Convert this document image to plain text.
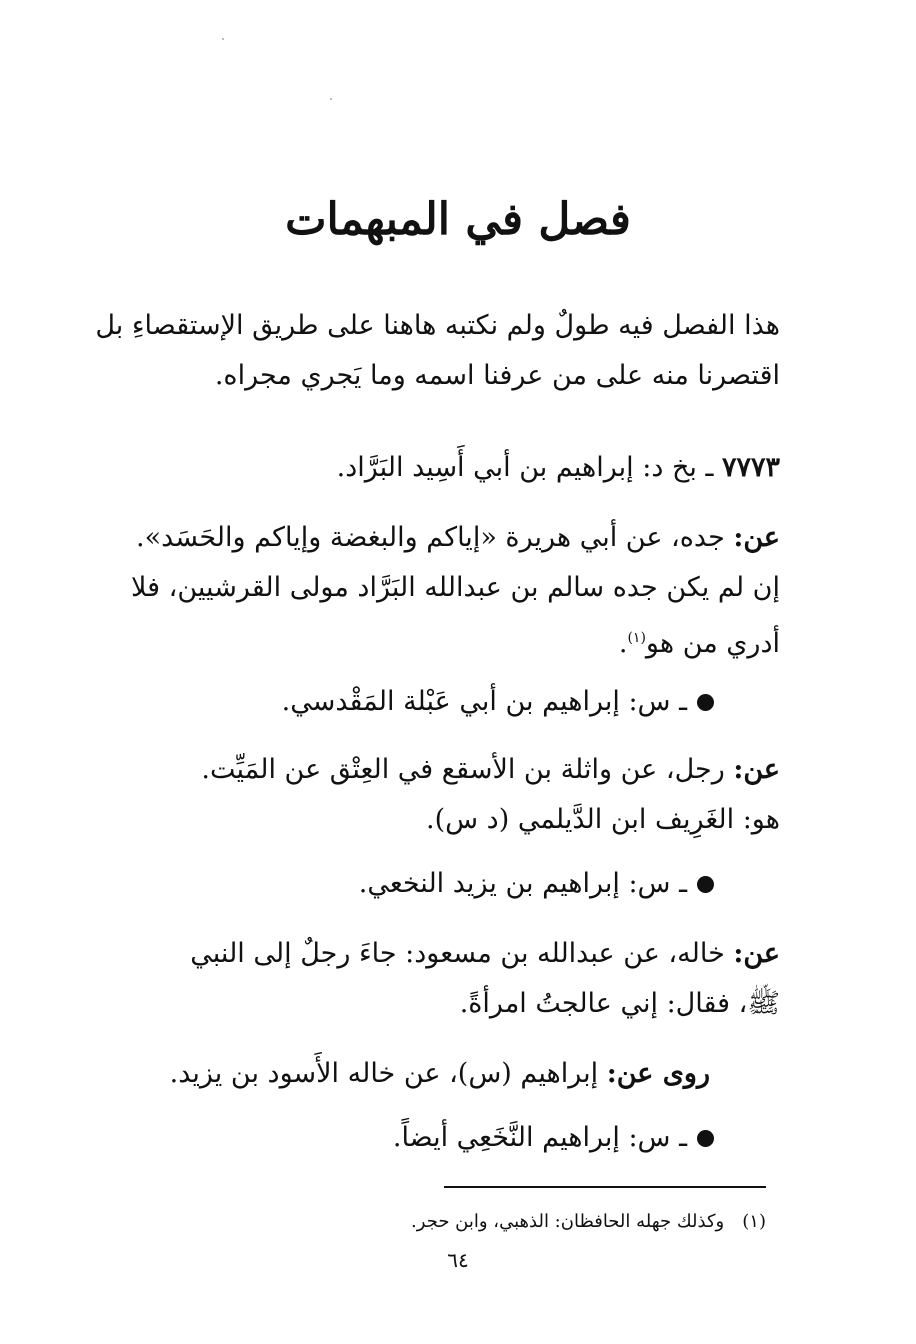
فصل في المبهمات
هذا الفصل فيه طولٌ ولم نكتبه هاهنا على طريق الإستقصاءِ بل
اقتصرنا منه على من عرفنا اسمه وما يَجري مجراه.
٧٧٧٣ ـ بخ د: إبراهيم بن أبي أَسِيد البَرَّاد.
عن: جده، عن أبي هريرة «إياكم والبغضة وإياكم والحَسَد».
إن لم يكن جده سالم بن عبدالله البَرَّاد مولى القرشيين، فلا
أدري من هو$^{(١)}$.
ـ س: إبراهيم بن أبي عَبْلة المَقْدسي.
عن: رجل، عن واثلة بن الأسقع في العِتْق عن المَيِّت.
هو: الغَرِيف ابن الدَّيلمي (د س).
ـ س: إبراهيم بن يزيد النخعي.
عن: خاله، عن عبدالله بن مسعود: جاءَ رجلٌ إلى النبي
ﷺ، فقال: إني عالجتُ امرأةً.
روى عن: إبراهيم (س)، عن خاله الأَسود بن يزيد.
ـ س: إبراهيم النَّخَعِي أيضاً.
(١)وكذلك جهله الحافظان: الذهبي، وابن حجر.
٦٤
